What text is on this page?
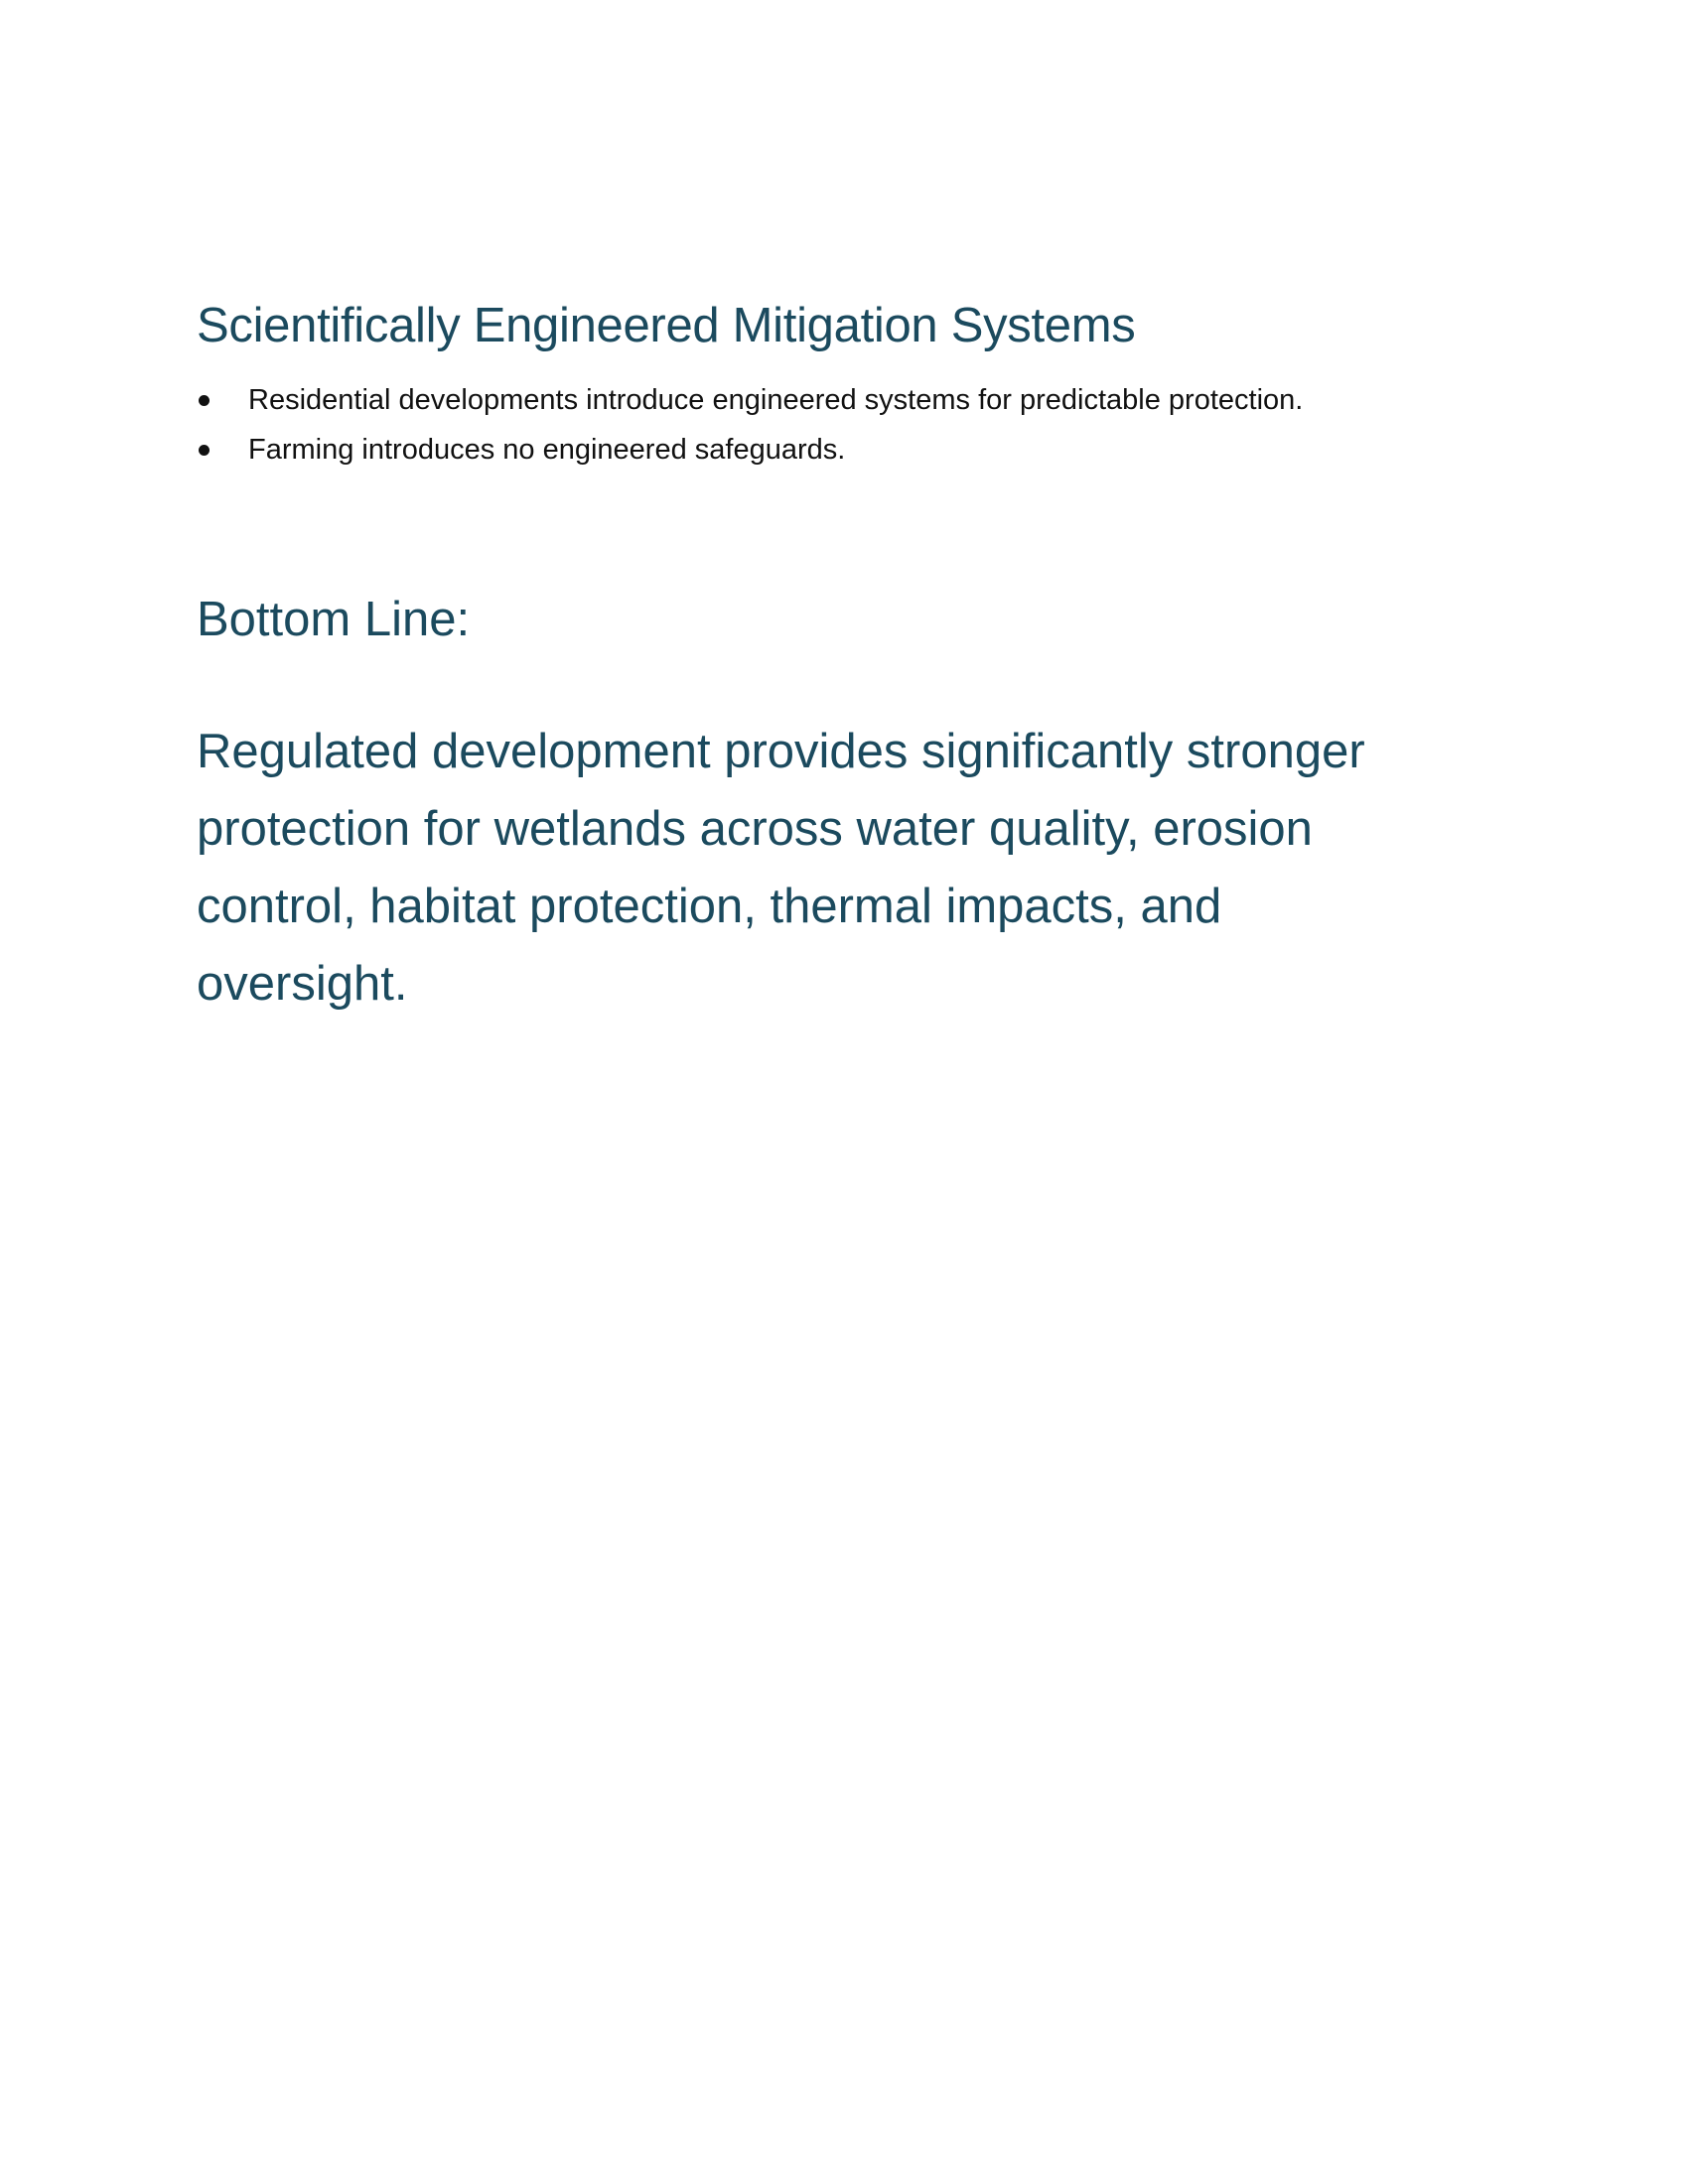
Scientifically Engineered Mitigation Systems
Residential developments introduce engineered systems for predictable protection.
Farming introduces no engineered safeguards.
Bottom Line:

Regulated development provides significantly stronger protection for wetlands across water quality, erosion control, habitat protection, thermal impacts, and oversight.
